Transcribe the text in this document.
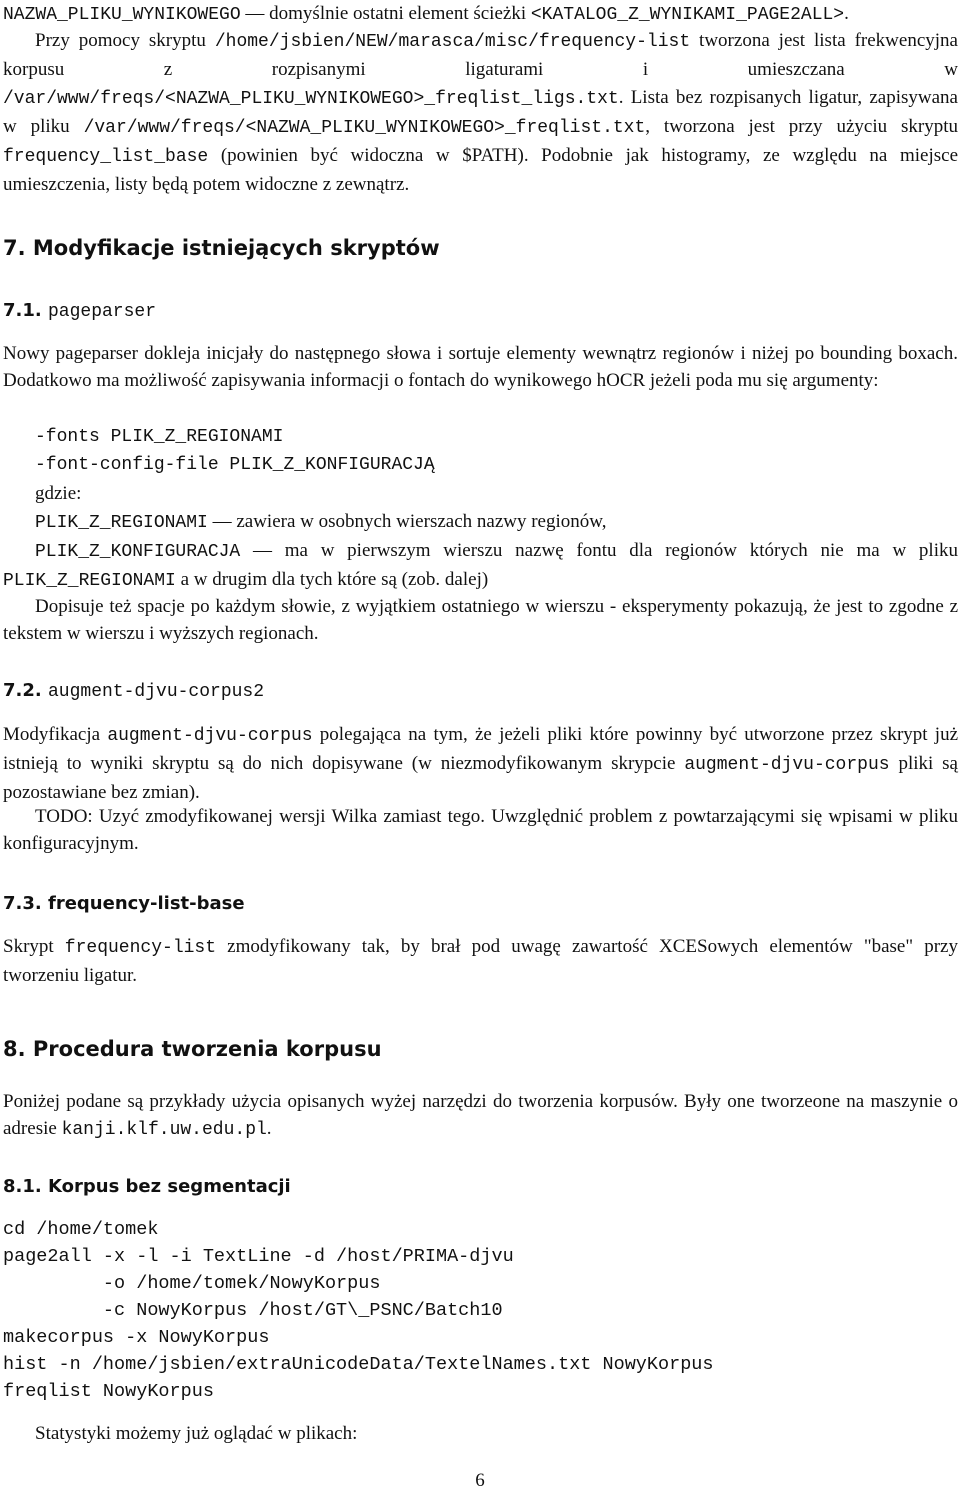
NAZWA_PLIKU_WYNIKOWEGO — domyślnie ostatni element ścieżki <KATALOG_Z_WYNIKAMI_PAGE2ALL>.

Przy pomocy skryptu /home/jsbien/NEW/marasca/misc/frequency-list tworzona jest lista frekwencyjna korpusu z rozpisanymi ligaturami i umieszczana w /var/www/freqs/<NAZWA_PLIKU_WYNIKOWEGO>_freqlist_ligs.txt. Lista bez rozpisanych ligatur, zapisywana w pliku /var/www/freqs/<NAZWA_PLIKU_WYNIKOWEGO>_freqlist.txt, tworzona jest przy użyciu skryptu frequency_list_base (powinien być widoczna w $PATH). Podobnie jak histogramy, ze względu na miejsce umieszczenia, listy będą potem widoczne z zewnątrz.

7. Modyfikacje istniejących skryptów
7.1. pageparser

Nowy pageparser dokleja inicjały do następnego słowa i sortuje elementy wewnątrz regionów i niżej po bounding boxach. Dodatkowo ma możliwość zapisywania informacji o fontach do wynikowego hOCR jeżeli poda mu się argumenty:

-fonts PLIK_Z_REGIONAMI
-font-config-file PLIK_Z_KONFIGURACJĄ
gdzie:

PLIK_Z_REGIONAMI — zawiera w osobnych wierszach nazwy regionów,

PLIK_Z_KONFIGURACJA — ma w pierwszym wierszu nazwę fontu dla regionów których nie ma w pliku PLIK_Z_REGIONAMI a w drugim dla tych które są (zob. dalej)

Dopisuje też spacje po każdym słowie, z wyjątkiem ostatniego w wierszu - eksperymenty pokazują, że jest to zgodne z tekstem w wierszu i wyższych regionach.

7.2. augment-djvu-corpus2

Modyfikacja augment-djvu-corpus polegająca na tym, że jeżeli pliki które powinny być utworzone przez skrypt już istnieją to wyniki skryptu są do nich dopisywane (w niezmodyfikowanym skrypcie augment-djvu-corpus pliki są pozostawiane bez zmian).

TODO: Uzyć zmodyfikowanej wersji Wilka zamiast tego. Uwzględnić problem z powtarzającymi się wpisami w pliku konfiguracyjnym.

7.3. frequency-list-base

Skrypt frequency-list zmodyfikowany tak, by brał pod uwagę zawartość XCESowych elementów "base" przy tworzeniu ligatur.

8. Procedura tworzenia korpusu

Poniżej podane są przykłady użycia opisanych wyżej narzędzi do tworzenia korpusów. Były one tworzeone na maszynie o adresie kanji.klf.uw.edu.pl.

8.1. Korpus bez segmentacji
cd /home/tomek
page2all -x -l -i TextLine -d /host/PRIMA-djvu
-o /home/tomek/NowyKorpus
-c NowyKorpus /host/GT\_PSNC/Batch10
makecorpus -x NowyKorpus
hist -n /home/jsbien/extraUnicodeData/TextelNames.txt NowyKorpus
freqlist NowyKorpus

Statystyki możemy już oglądać w plikach:

6
